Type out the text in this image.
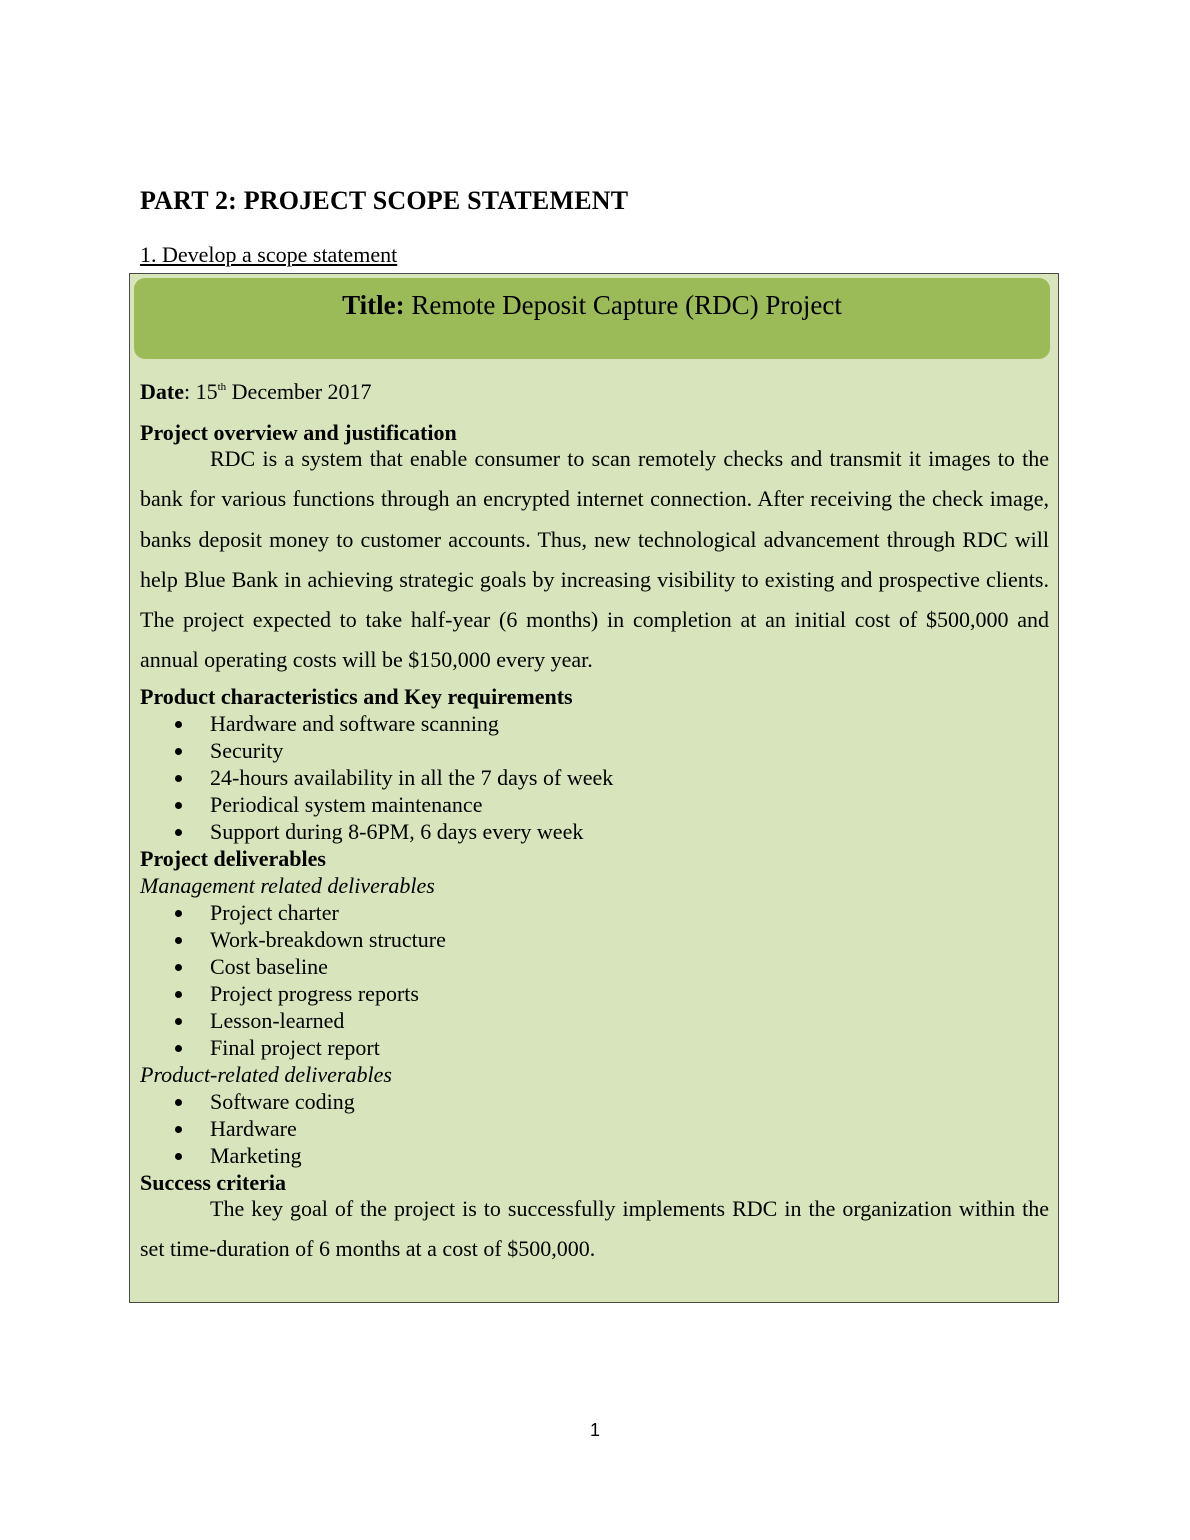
PART 2: PROJECT SCOPE STATEMENT
1. Develop a scope statement
Title: Remote Deposit Capture (RDC) Project

Date: 15th December 2017

Project overview and justification

RDC is a system that enable consumer to scan remotely checks and transmit it images to the bank for various functions through an encrypted internet connection. After receiving the check image, banks deposit money to customer accounts. Thus, new technological advancement through RDC will help Blue Bank in achieving strategic goals by increasing visibility to existing and prospective clients. The project expected to take half-year (6 months) in completion at an initial cost of $500,000 and annual operating costs will be $150,000 every year.

Product characteristics and Key requirements

Hardware and software scanning
Security
24-hours availability in all the 7 days of week
Periodical system maintenance
Support during 8-6PM, 6 days every week

Project deliverables

Management related deliverables

Project charter
Work-breakdown structure
Cost baseline
Project progress reports
Lesson-learned
Final project report

Product-related deliverables

Software coding
Hardware
Marketing

Success criteria

The key goal of the project is to successfully implements RDC in the organization within the set time-duration of 6 months at a cost of $500,000.

1
